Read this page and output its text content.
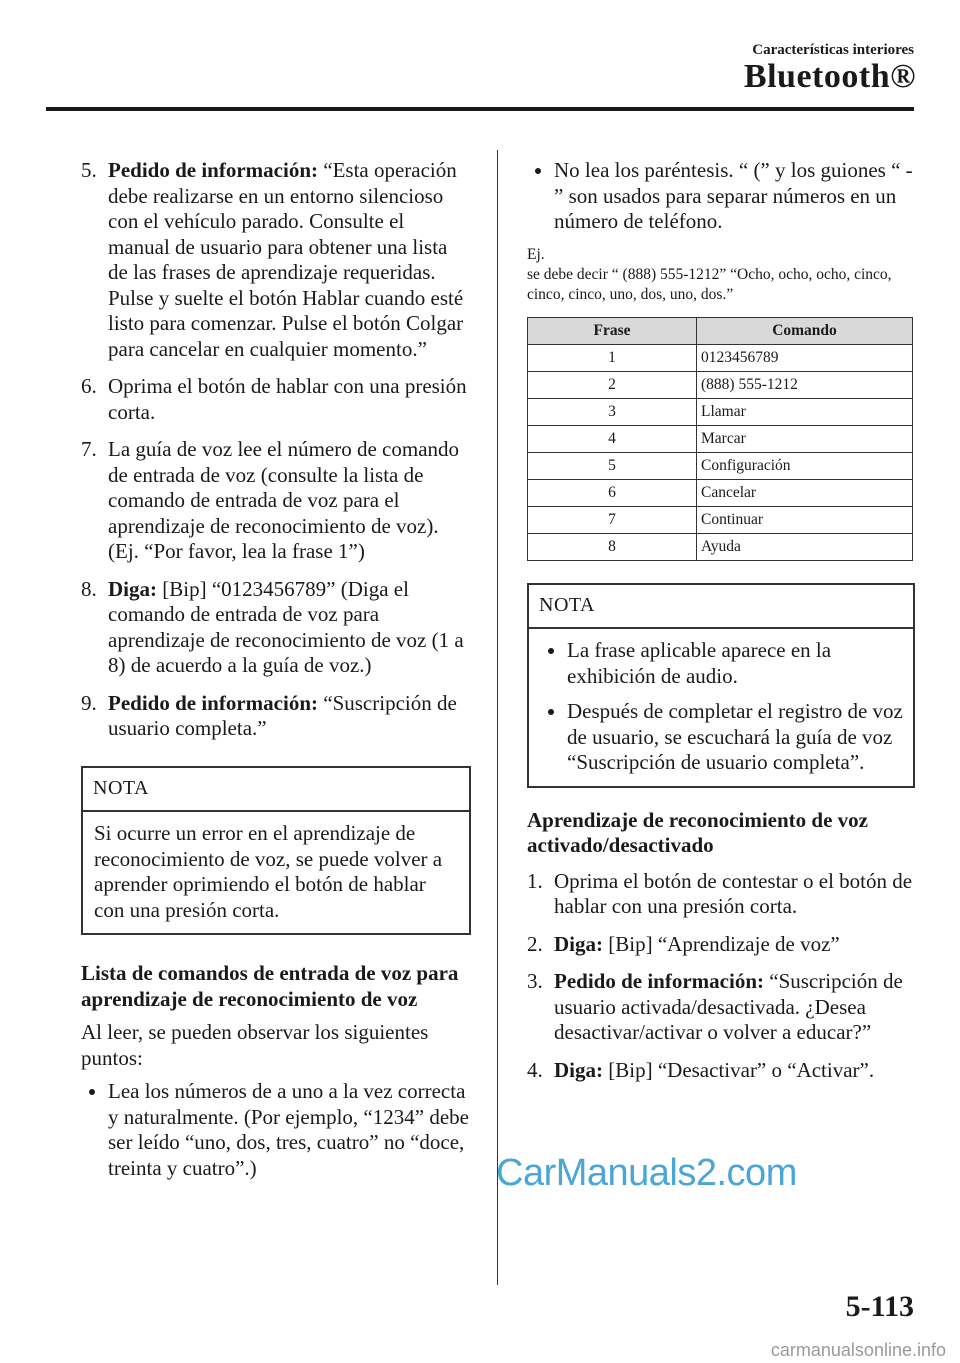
Características interiores
Bluetooth®
5. Pedido de información: “Esta operación debe realizarse en un entorno silencioso con el vehículo parado. Consulte el manual de usuario para obtener una lista de las frases de aprendizaje requeridas. Pulse y suelte el botón Hablar cuando esté listo para comenzar. Pulse el botón Colgar para cancelar en cualquier momento.”
6. Oprima el botón de hablar con una presión corta.
7. La guía de voz lee el número de comando de entrada de voz (consulte la lista de comando de entrada de voz para el aprendizaje de reconocimiento de voz). (Ej. “Por favor, lea la frase 1”)
8. Diga: [Bip] “0123456789” (Diga el comando de entrada de voz para aprendizaje de reconocimiento de voz (1 a 8) de acuerdo a la guía de voz.)
9. Pedido de información: “Suscripción de usuario completa.”
NOTA
Si ocurre un error en el aprendizaje de reconocimiento de voz, se puede volver a aprender oprimiendo el botón de hablar con una presión corta.
Lista de comandos de entrada de voz para aprendizaje de reconocimiento de voz
Al leer, se pueden observar los siguientes puntos:
Lea los números de a uno a la vez correcta y naturalmente. (Por ejemplo, “1234” debe ser leído “uno, dos, tres, cuatro” no “doce, treinta y cuatro”.)
No lea los paréntesis. “ (” y los guiones “ - ” son usados para separar números en un número de teléfono.
Ej.
se debe decir “ (888) 555-1212” “Ocho, ocho, ocho, cinco, cinco, cinco, uno, dos, uno, dos.”
Frase	Comando
1	0123456789
2	(888) 555-1212
3	Llamar
4	Marcar
5	Configuración
6	Cancelar
7	Continuar
8	Ayuda
NOTA
La frase aplicable aparece en la exhibición de audio.
Después de completar el registro de voz de usuario, se escuchará la guía de voz “Suscripción de usuario completa”.
Aprendizaje de reconocimiento de voz activado/desactivado
1. Oprima el botón de contestar o el botón de hablar con una presión corta.
2. Diga: [Bip] “Aprendizaje de voz”
3. Pedido de información: “Suscripción de usuario activada/desactivada. ¿Desea desactivar/activar o volver a educar?”
4. Diga: [Bip] “Desactivar” o “Activar”.
CarManuals2.com
5-113
carmanualsonline.info
